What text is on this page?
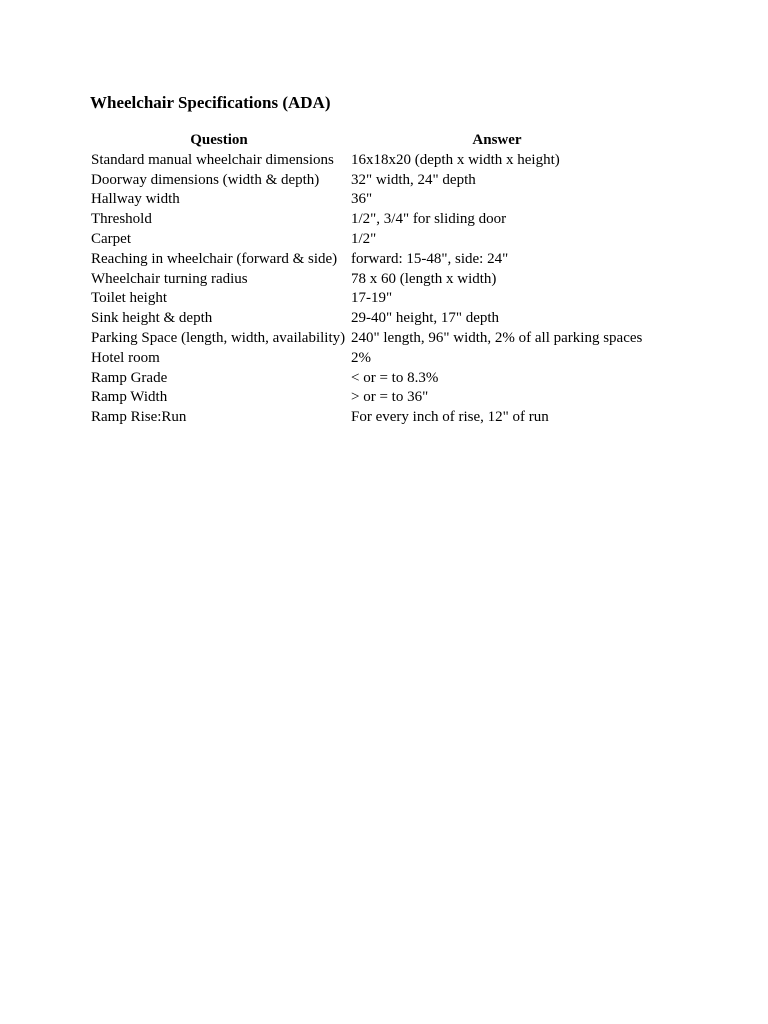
Wheelchair Specifications (ADA)
Question	Answer
Standard manual wheelchair dimensions	16x18x20 (depth x width x height)
Doorway dimensions (width & depth)	32" width, 24" depth
Hallway width	36"
Threshold	1/2", 3/4" for sliding door
Carpet	1/2"
Reaching in wheelchair (forward & side)	forward: 15-48", side: 24"
Wheelchair turning radius	78 x 60 (length x width)
Toilet height	17-19"
Sink height & depth	29-40" height, 17" depth
Parking Space (length, width, availability)	240" length, 96" width, 2% of all parking spaces
Hotel room	2%
Ramp Grade	< or = to 8.3%
Ramp Width	> or = to 36"
Ramp Rise:Run	For every inch of rise, 12" of run
